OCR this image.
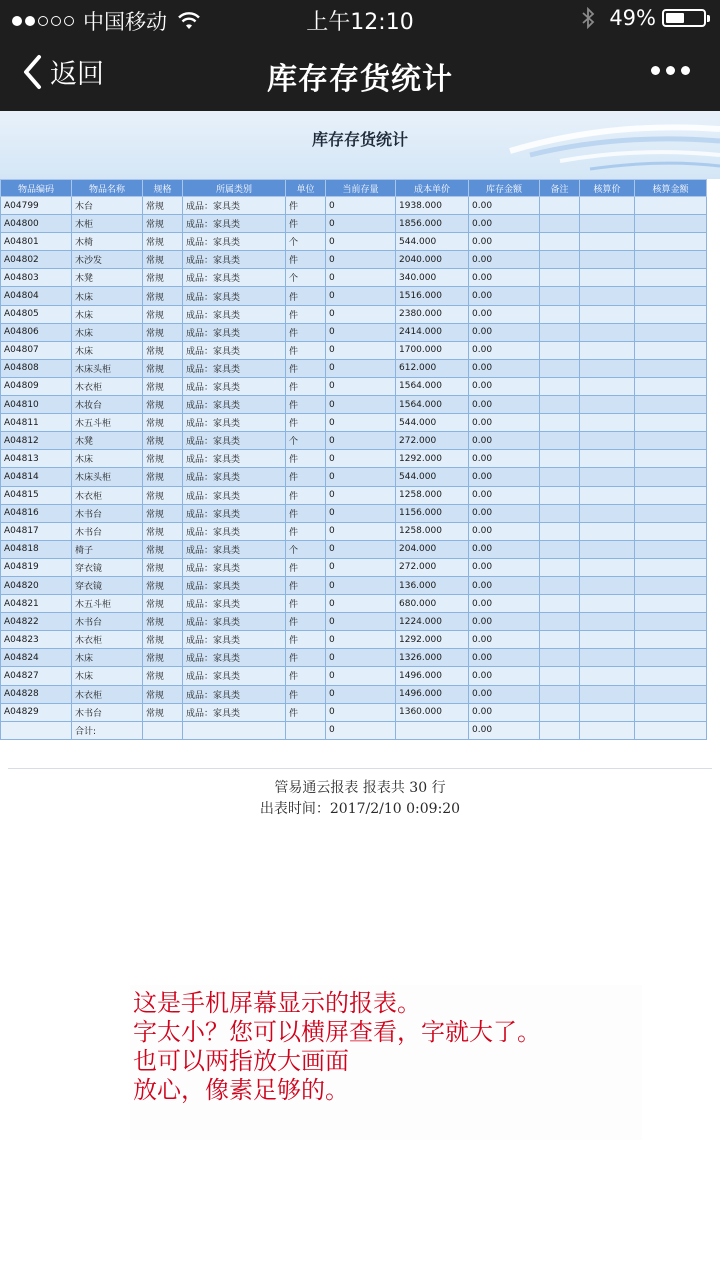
中国移动	上午12:10	49%
返回	库存存货统计
库存存货统计
物品编码	物品名称	规格	所属类别	单位	当前存量	成本单价	库存金额	备注	核算价	核算金额
A04799	木台	常规	成品：家具类	件	0	1938.000	0.00			
A04800	木柜	常规	成品：家具类	件	0	1856.000	0.00			
A04801	木椅	常规	成品：家具类	个	0	544.000	0.00			
A04802	木沙发	常规	成品：家具类	件	0	2040.000	0.00			
A04803	木凳	常规	成品：家具类	个	0	340.000	0.00			
A04804	木床	常规	成品：家具类	件	0	1516.000	0.00			
A04805	木床	常规	成品：家具类	件	0	2380.000	0.00			
A04806	木床	常规	成品：家具类	件	0	2414.000	0.00			
A04807	木床	常规	成品：家具类	件	0	1700.000	0.00			
A04808	木床头柜	常规	成品：家具类	件	0	612.000	0.00			
A04809	木衣柜	常规	成品：家具类	件	0	1564.000	0.00			
A04810	木妆台	常规	成品：家具类	件	0	1564.000	0.00			
A04811	木五斗柜	常规	成品：家具类	件	0	544.000	0.00			
A04812	木凳	常规	成品：家具类	个	0	272.000	0.00			
A04813	木床	常规	成品：家具类	件	0	1292.000	0.00			
A04814	木床头柜	常规	成品：家具类	件	0	544.000	0.00			
A04815	木衣柜	常规	成品：家具类	件	0	1258.000	0.00			
A04816	木书台	常规	成品：家具类	件	0	1156.000	0.00			
A04817	木书台	常规	成品：家具类	件	0	1258.000	0.00			
A04818	椅子	常规	成品：家具类	个	0	204.000	0.00			
A04819	穿衣镜	常规	成品：家具类	件	0	272.000	0.00			
A04820	穿衣镜	常规	成品：家具类	件	0	136.000	0.00			
A04821	木五斗柜	常规	成品：家具类	件	0	680.000	0.00			
A04822	木书台	常规	成品：家具类	件	0	1224.000	0.00			
A04823	木衣柜	常规	成品：家具类	件	0	1292.000	0.00			
A04824	木床	常规	成品：家具类	件	0	1326.000	0.00			
A04827	木床	常规	成品：家具类	件	0	1496.000	0.00			
A04828	木衣柜	常规	成品：家具类	件	0	1496.000	0.00			
A04829	木书台	常规	成品：家具类	件	0	1360.000	0.00			
	合计:				0		0.00			
管易通云报表 报表共 30 行
出表时间：2017/2/10 0:09:20
这是手机屏幕显示的报表。
字太小？您可以横屏查看，字就大了。
也可以两指放大画面
放心，像素足够的。
